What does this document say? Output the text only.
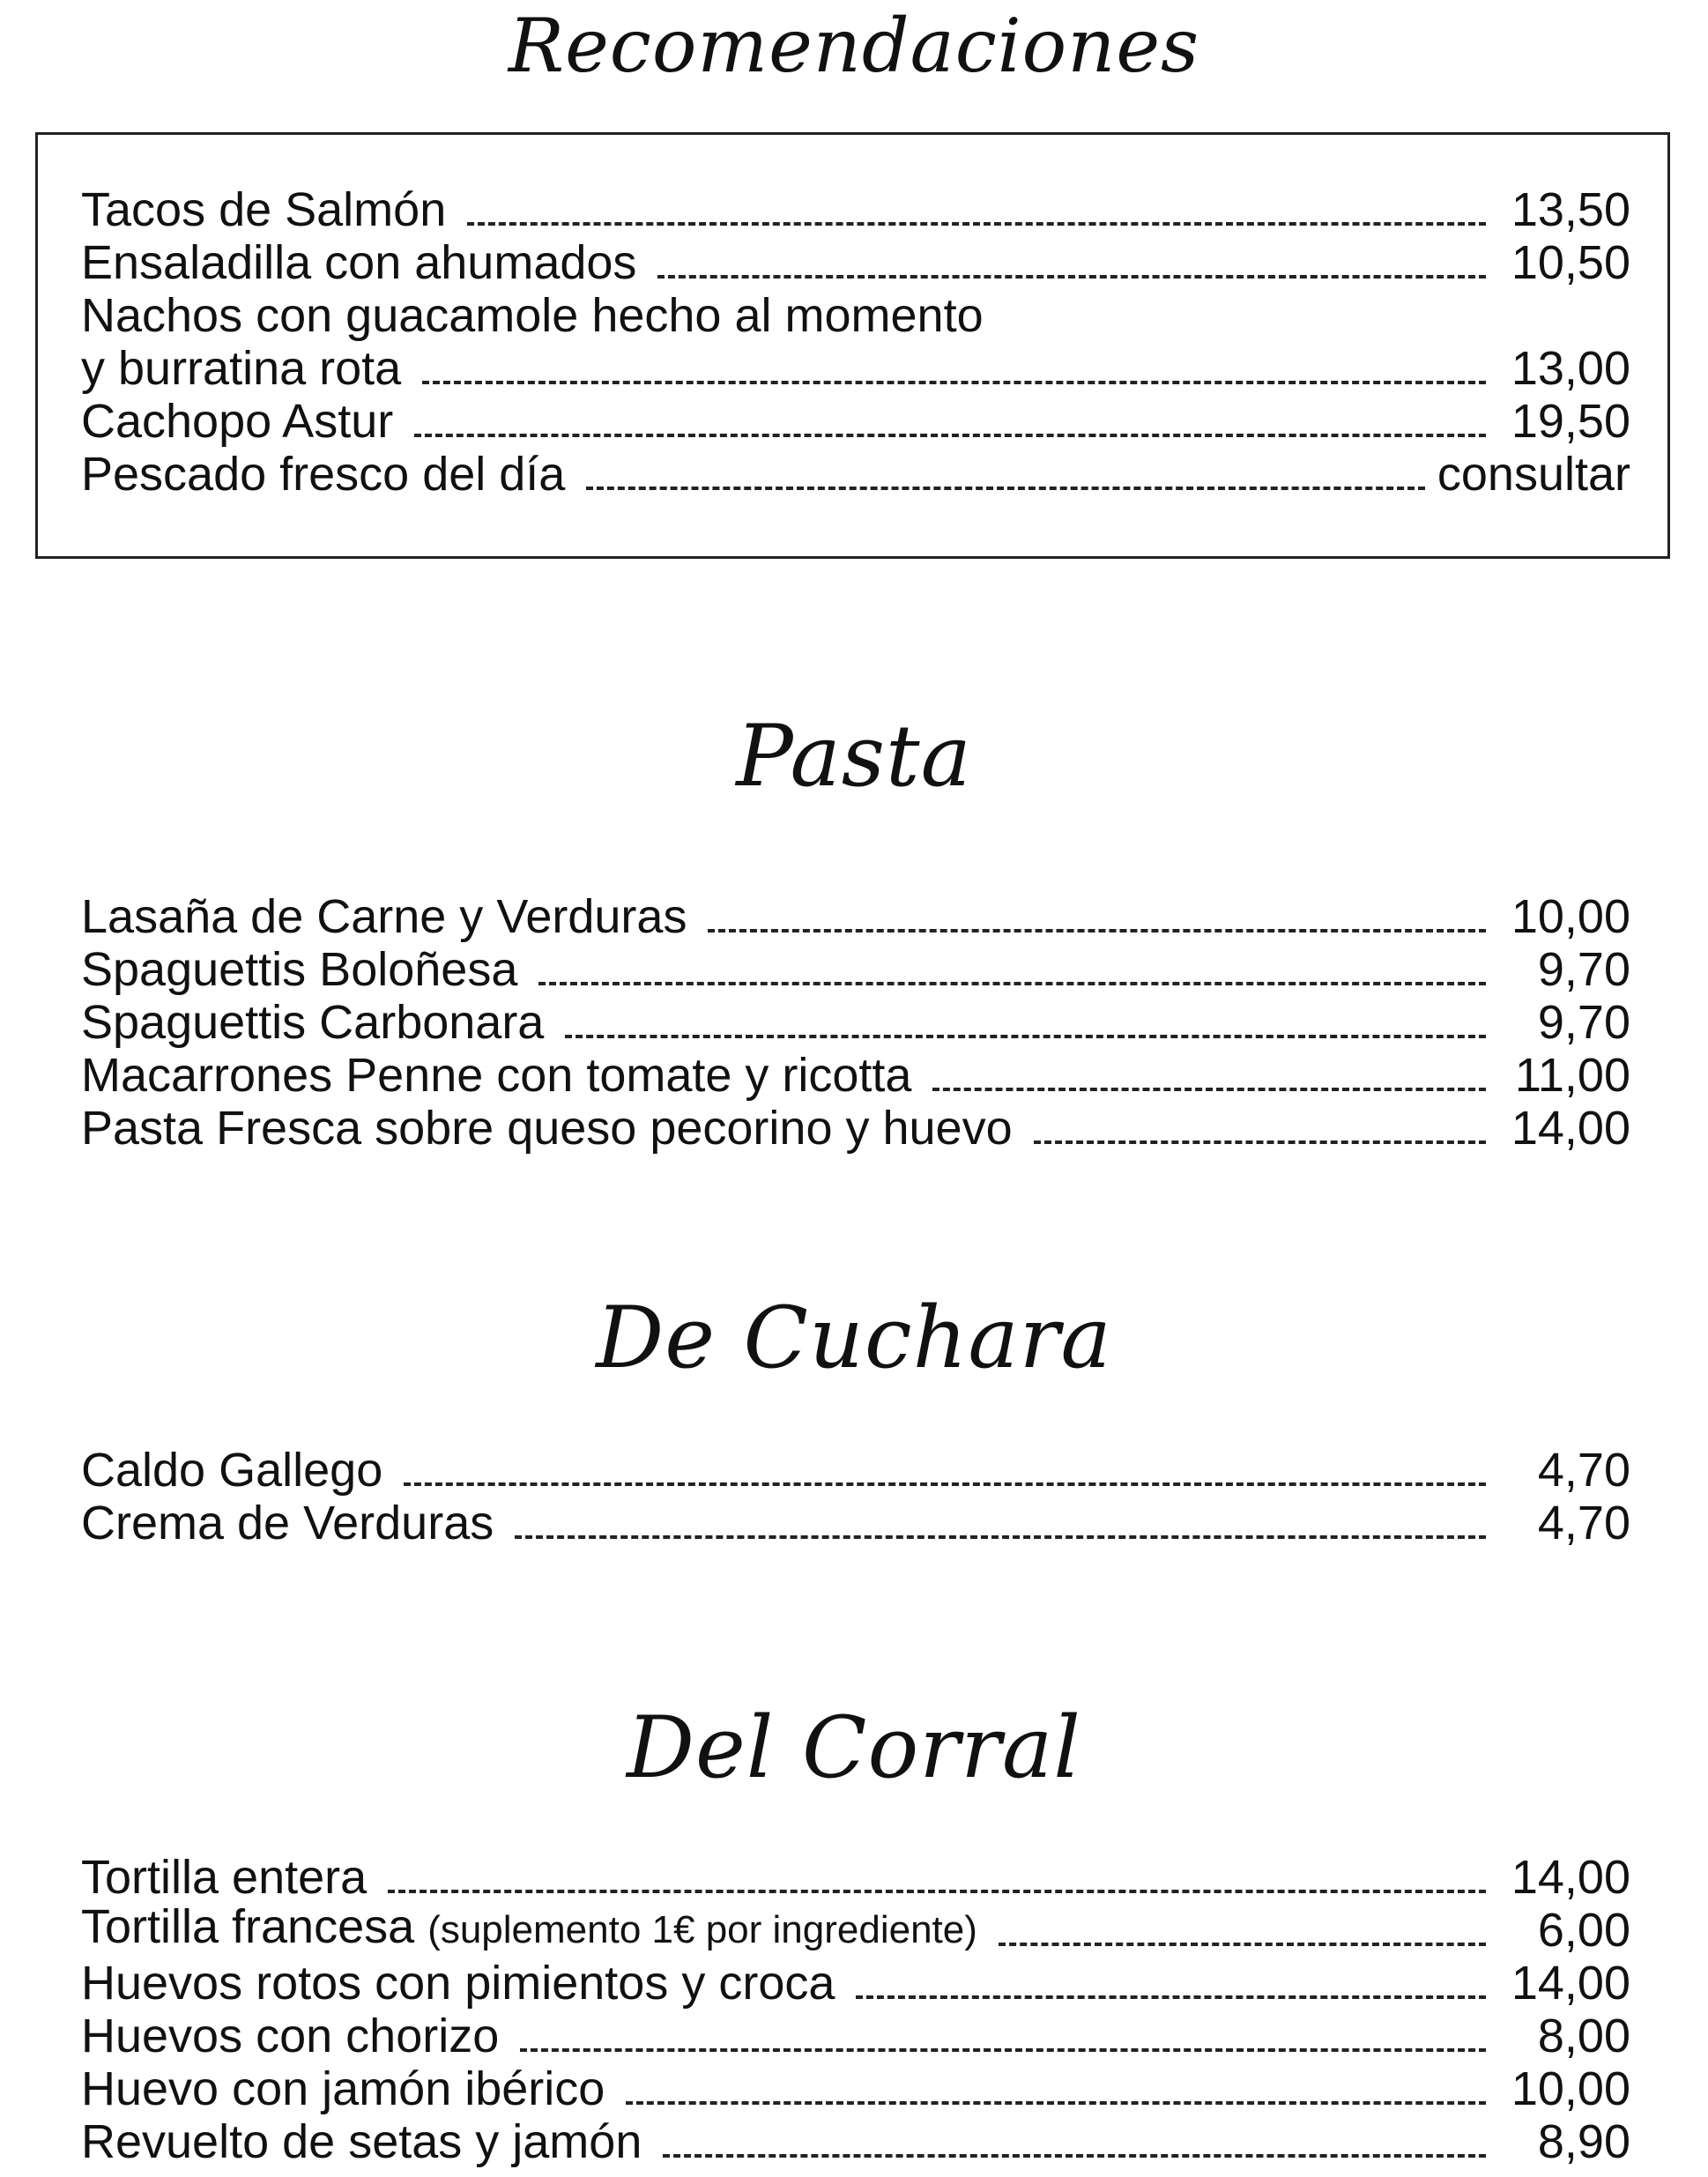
Recomendaciones
Tacos de Salmón	13,50
Ensaladilla con ahumados	10,50
Nachos con guacamole hecho al momento
y burratina rota	13,00
Cachopo Astur	19,50
Pescado fresco del día	consultar
Pasta
Lasaña de Carne y Verduras	10,00
Spaguettis Boloñesa	9,70
Spaguettis Carbonara	9,70
Macarrones Penne con tomate y ricotta	11,00
Pasta Fresca sobre queso pecorino y huevo	14,00
De Cuchara
Caldo Gallego	4,70
Crema de Verduras	4,70
Del Corral
Tortilla entera	14,00
Tortilla francesa (suplemento 1€ por ingrediente)	6,00
Huevos rotos con pimientos y croca	14,00
Huevos con chorizo	8,00
Huevo con jamón ibérico	10,00
Revuelto de setas y jamón	8,90
